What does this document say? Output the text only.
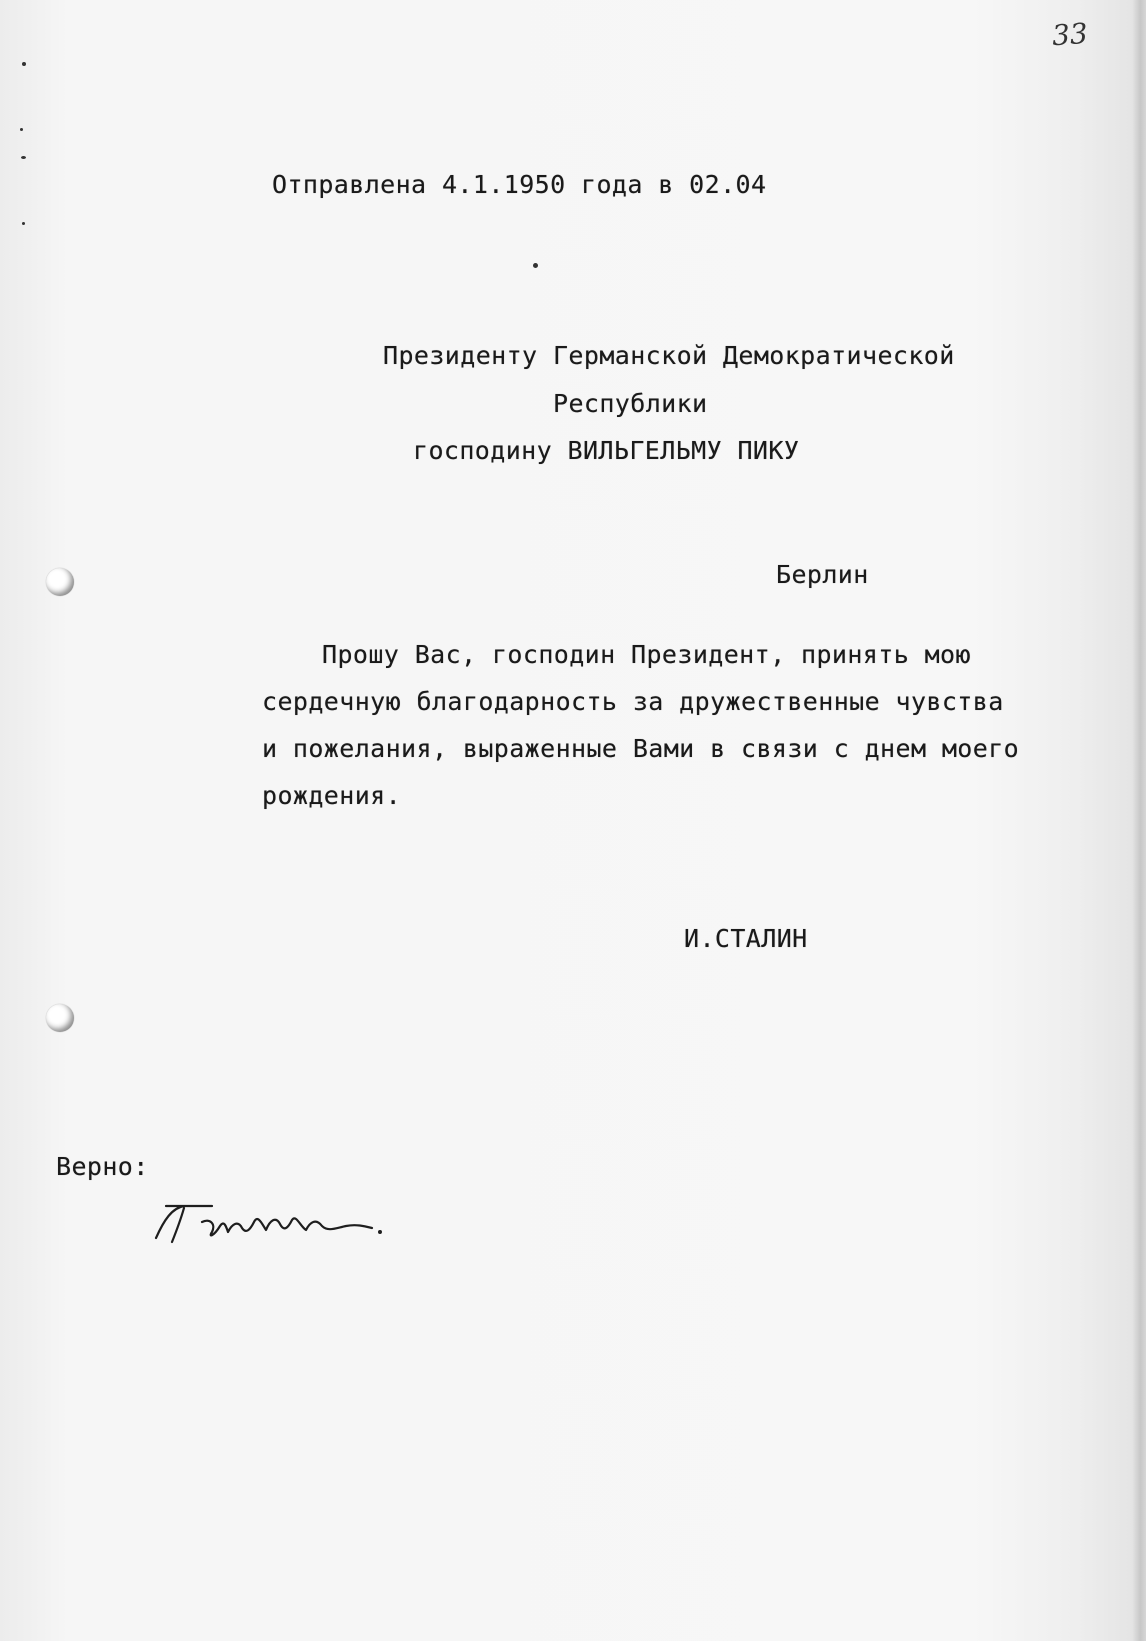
33

Отправлена 4.1.1950 года в 02.04

Президенту Германской Демократической

Республики

господину ВИЛЬГЕЛЬМУ ПИКУ

Берлин

Прошу Вас, господин Президент, принять мою

сердечную благодарность за дружественные чувства

и пожелания, выраженные Вами в связи с днем моего

рождения.

И.СТАЛИН

Верно:
